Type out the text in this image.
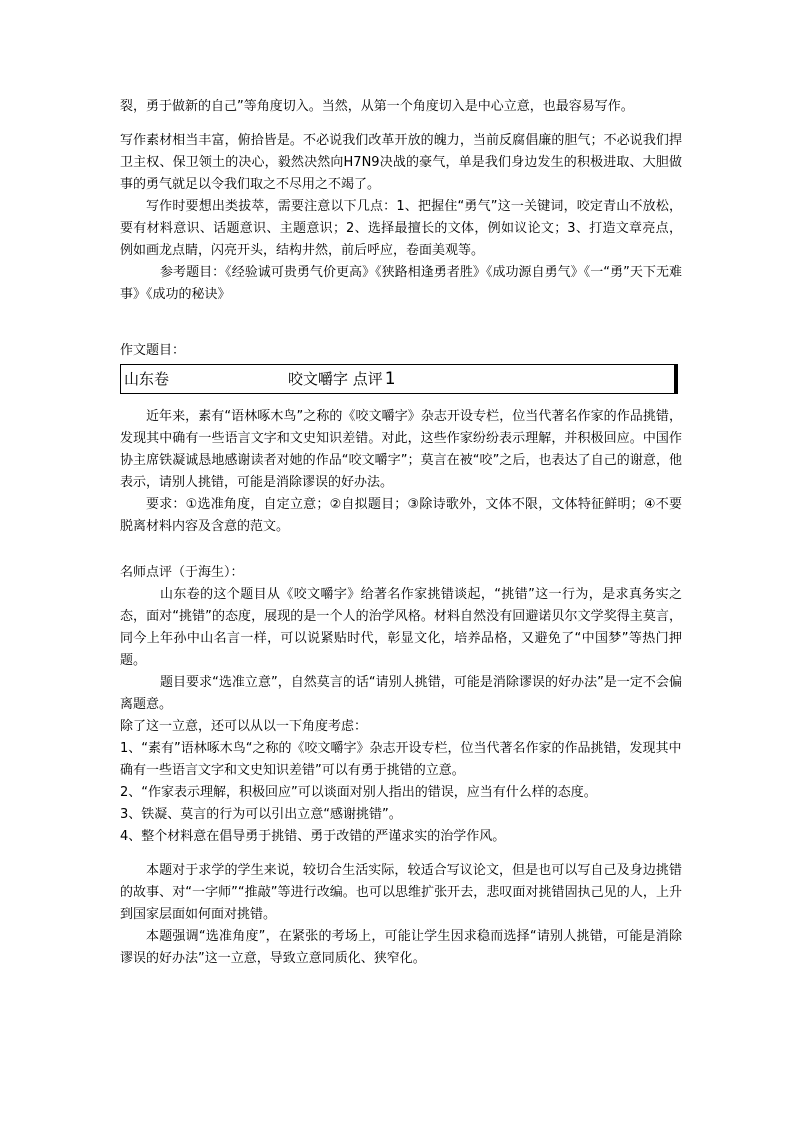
裂，勇于做新的自己”等角度切入。当然，从第一个角度切入是中心立意，也最容易写作。

写作素材相当丰富，俯拾皆是。不必说我们改革开放的魄力，当前反腐倡廉的胆气；不必说我们捍卫主权、保卫领土的决心，毅然决然向H7N9决战的豪气，单是我们身边发生的积极进取、大胆做事的勇气就足以令我们取之不尽用之不竭了。

写作时要想出类拔萃，需要注意以下几点：1、把握住“勇气”这一关键词，咬定青山不放松，要有材料意识、话题意识、主题意识；2、选择最擅长的文体，例如议论文；3、打造文章亮点，例如画龙点睛，闪亮开头，结构井然，前后呼应，卷面美观等。

参考题目：《经验诚可贵勇气价更高》《狭路相逢勇者胜》《成功源自勇气》《一“勇”天下无难事》《成功的秘诀》

作文题目：

山东卷	咬文嚼字 点评 1

近年来，素有“语林啄木鸟”之称的《咬文嚼字》杂志开设专栏，位当代著名作家的作品挑错，发现其中确有一些语言文字和文史知识差错。对此，这些作家纷纷表示理解，并积极回应。中国作协主席铁凝诚恳地感谢读者对她的作品“咬文嚼字”；莫言在被“咬”之后，也表达了自己的谢意，他表示，请别人挑错，可能是消除谬误的好办法。

要求：①选准角度，自定立意；②自拟题目；③除诗歌外，文体不限，文体特征鲜明；④不要脱离材料内容及含意的范文。

名师点评（于海生）：

山东卷的这个题目从《咬文嚼字》给著名作家挑错谈起，“挑错”这一行为，是求真务实之态，面对“挑错”的态度，展现的是一个人的治学风格。材料自然没有回避诺贝尔文学奖得主莫言，同今上年孙中山名言一样，可以说紧贴时代，彰显文化，培养品格，又避免了“中国梦”等热门押题。

题目要求“选准立意”，自然莫言的话“请别人挑错，可能是消除谬误的好办法”是一定不会偏离题意。

除了这一立意，还可以从以一下角度考虑：

1、“素有”语林啄木鸟“之称的《咬文嚼字》杂志开设专栏，位当代著名作家的作品挑错，发现其中确有一些语言文字和文史知识差错”可以有勇于挑错的立意。

2、“作家表示理解，积极回应”可以谈面对别人指出的错误，应当有什么样的态度。

3、铁凝、莫言的行为可以引出立意“感谢挑错”。

4、整个材料意在倡导勇于挑错、勇于改错的严谨求实的治学作风。

本题对于求学的学生来说，较切合生活实际，较适合写议论文，但是也可以写自己及身边挑错的故事、对“一字师”“推敲”等进行改编。也可以思维扩张开去，悲叹面对挑错固执己见的人，上升到国家层面如何面对挑错。

本题强调“选准角度”，在紧张的考场上，可能让学生因求稳而选择“请别人挑错，可能是消除谬误的好办法”这一立意，导致立意同质化、狭窄化。
